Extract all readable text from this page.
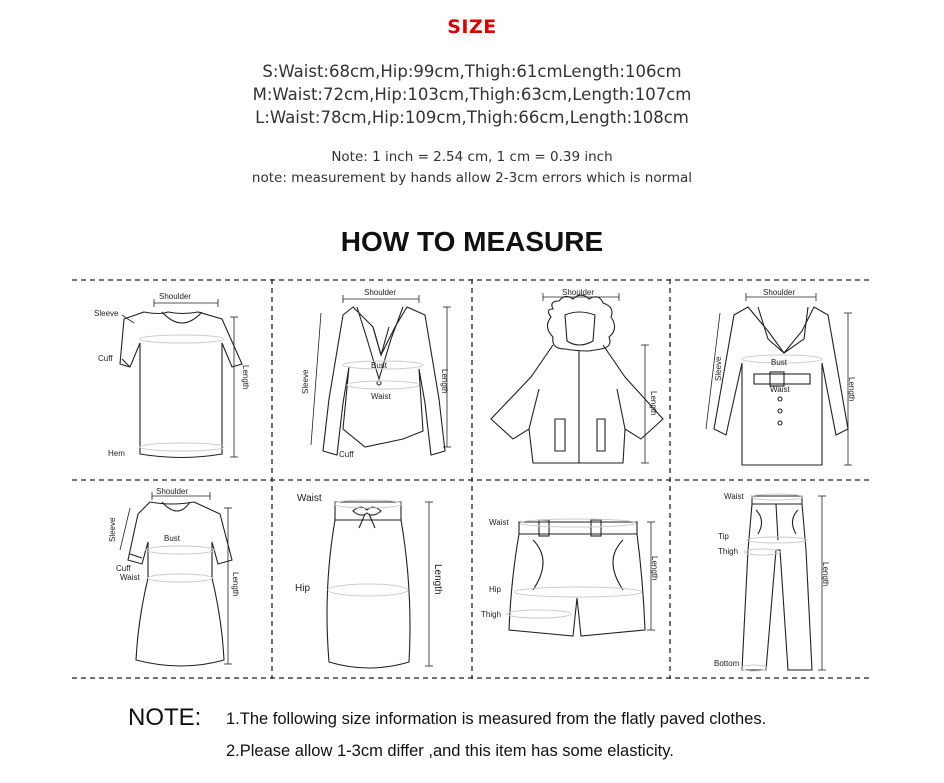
SIZE
S:Waist:68cm,Hip:99cm,Thigh:61cmLength:106cm
M:Waist:72cm,Hip:103cm,Thigh:63cm,Length:107cm
L:Waist:78cm,Hip:109cm,Thigh:66cm,Length:108cm
Note: 1 inch = 2.54 cm, 1 cm = 0.39 inch
note: measurement by hands allow 2-3cm errors which is normal
HOW TO MEASURE
Shoulder
Sleeve
Cuff
Hem
Length
Shoulder
Bust
Waist
Cuff
Sleeve	Length
Shoulder
Length
Shoulder
Bust
Waist
Sleeve
Length
Shoulder
Bust
Cuff
Waist
Sleeve
Length
Waist
Hip	Length
Waist
Hip
Thigh
Length
Waist
Tip
Thigh
Bottom
Length
NOTE: 1.The following size information is measured from the flatly paved clothes.
2.Please allow 1-3cm differ ,and this item has some elasticity.
